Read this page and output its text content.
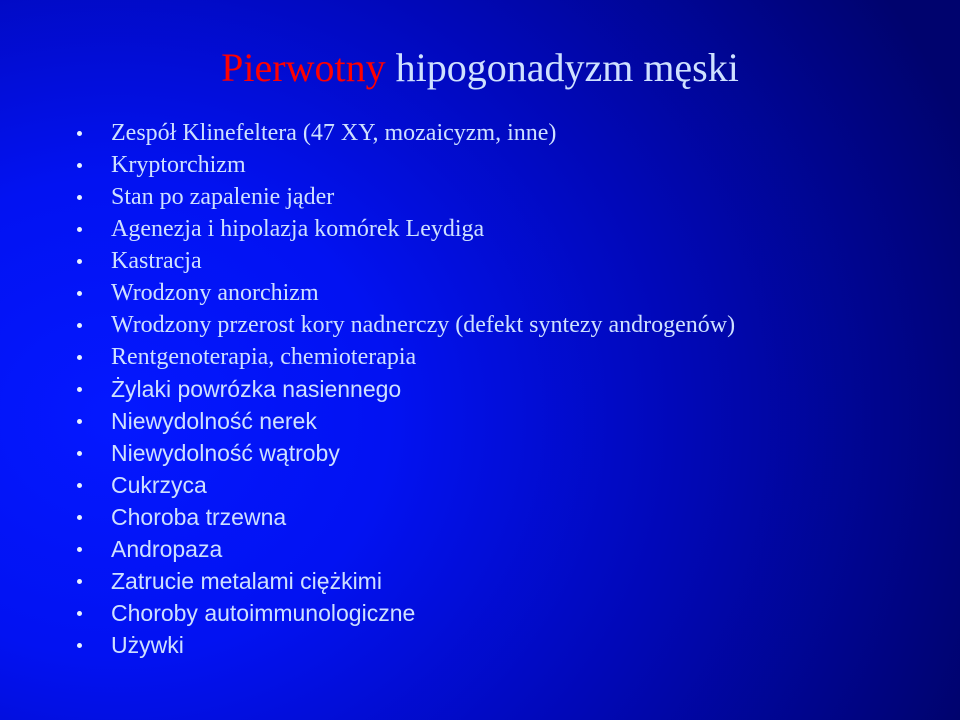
Pierwotny hipogonadyzm męski
Zespół Klinefeltera (47 XY, mozaicyzm, inne)
Kryptorchizm
Stan po zapalenie jąder
Agenezja i hipolazja komórek Leydiga
Kastracja
Wrodzony anorchizm
Wrodzony przerost kory nadnerczy (defekt syntezy androgenów)
Rentgenoterapia, chemioterapia
Żylaki powrózka nasiennego
Niewydolność nerek
Niewydolność wątroby
Cukrzyca
Choroba trzewna
Andropaza
Zatrucie metalami ciężkimi
Choroby autoimmunologiczne
Używki
